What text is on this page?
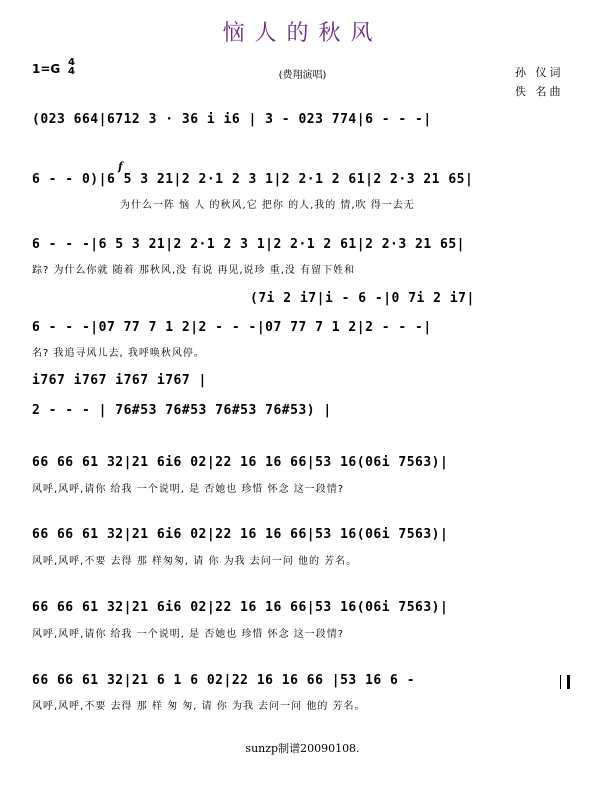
恼人的秋风
1=G 4
4	(费翔演唱)	孙 仪词
佚 名曲
f
(023 664|6712 3 · 36 i i6 | 3 - 023 774|6 - - -|
6 - - 0)|6 5 3 21|2 2·1 2 3 1|2 2·1 2 61|2 2·3 21 65|
为什么一阵 恼 人 的秋风,它 把你 的人,我的 情,吹 得一去无
6 - - -|6 5 3 21|2 2·1 2 3 1|2 2·1 2 61|2 2·3 21 65|
踪? 为什么你就 随着 那秋风,没 有说 再见,说珍 重,没 有留下姓和
(7i 2 i7|i - 6 -|0 7i 2 i7|
6 - - -|07 77 7 1 2|2 - - -|07 77 7 1 2|2 - - -|
名? 我追寻风儿去, 我呼唤秋风停。
i767 i767 i767 i767 |
2 - - - | 76#53 76#53 76#53 76#53) |
66 66 61 32|21 6i6 02|22 16 16 66|53 16(06i 7563)|
风呼,风呼,请你 给我 一个说明, 是 否她也 珍惜 怀念 这一段情?
66 66 61 32|21 6i6 02|22 16 16 66|53 16(06i 7563)|
风呼,风呼,不要 去得 那 样匆匆, 请 你 为我 去问一问 他的 芳名。
66 66 61 32|21 6i6 02|22 16 16 66|53 16(06i 7563)|
风呼,风呼,请你 给我 一个说明, 是 否她也 珍惜 怀念 这一段情?
66 66 61 32|21 6 1 6 02|22 16 16 66 |53 16 6 -
风呼,风呼,不要 去得 那 样 匆 匆, 请 你 为我 去问一问 他的 芳名。
sunzp制谱20090108.
